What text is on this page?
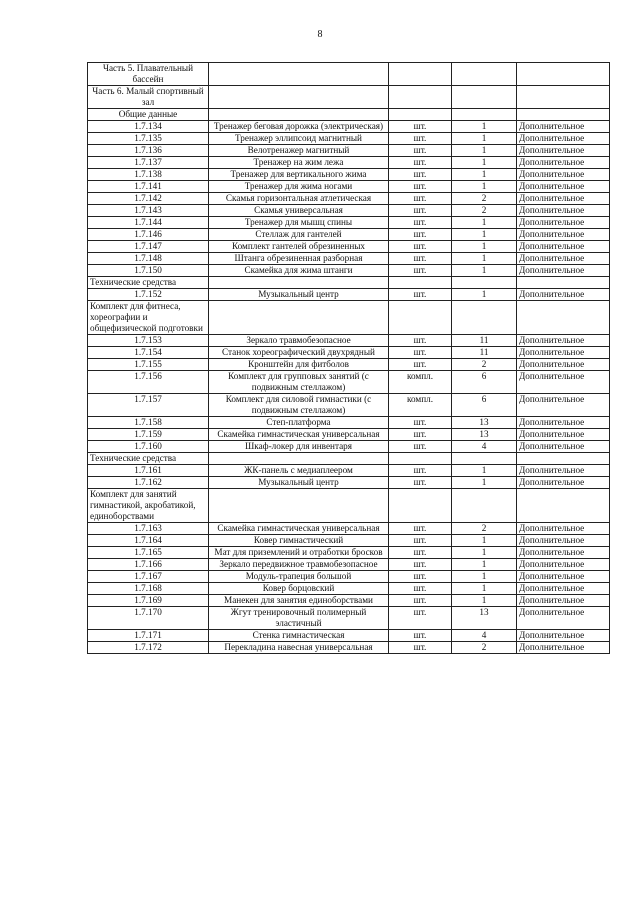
8
Часть 5. Плавательный бассейн				
Часть 6. Малый спортивный зал				
Общие данные				
1.7.134	Тренажер беговая дорожка (электрическая)	шт.	1	Дополнительное
1.7.135	Тренажер эллипсоид магнитный	шт.	1	Дополнительное
1.7.136	Велотренажер магнитный	шт.	1	Дополнительное
1.7.137	Тренажер на жим лежа	шт.	1	Дополнительное
1.7.138	Тренажер для вертикального жима	шт.	1	Дополнительное
1.7.141	Тренажер для жима ногами	шт.	1	Дополнительное
1.7.142	Скамья горизонтальная атлетическая	шт.	2	Дополнительное
1.7.143	Скамья универсальная	шт.	2	Дополнительное
1.7.144	Тренажер для мышц спины	шт.	1	Дополнительное
1.7.146	Стеллаж для гантелей	шт.	1	Дополнительное
1.7.147	Комплект гантелей обрезиненных	шт.	1	Дополнительное
1.7.148	Штанга обрезиненная разборная	шт.	1	Дополнительное
1.7.150	Скамейка для жима штанги	шт.	1	Дополнительное
Технические средства				
1.7.152	Музыкальный центр	шт.	1	Дополнительное
Комплект для фитнеса, хореографии и общефизической подготовки				
1.7.153	Зеркало травмобезопасное	шт.	11	Дополнительное
1.7.154	Станок хореографический двухрядный	шт.	11	Дополнительное
1.7.155	Кронштейн для фитболов	шт.	2	Дополнительное
1.7.156	Комплект для групповых занятий (с подвижным стеллажом)	компл.	6	Дополнительное
1.7.157	Комплект для силовой гимнастики (с подвижным стеллажом)	компл.	6	Дополнительное
1.7.158	Степ-платформа	шт.	13	Дополнительное
1.7.159	Скамейка гимнастическая универсальная	шт.	13	Дополнительное
1.7.160	Шкаф-локер для инвентаря	шт.	4	Дополнительное
Технические средства				
1.7.161	ЖК-панель с медиаплеером	шт.	1	Дополнительное
1.7.162	Музыкальный центр	шт.	1	Дополнительное
Комплект для занятий гимнастикой, акробатикой, единоборствами				
1.7.163	Скамейка гимнастическая универсальная	шт.	2	Дополнительное
1.7.164	Ковер гимнастический	шт.	1	Дополнительное
1.7.165	Мат для приземлений и отработки бросков	шт.	1	Дополнительное
1.7.166	Зеркало передвижное травмобезопасное	шт.	1	Дополнительное
1.7.167	Модуль-трапеция большой	шт.	1	Дополнительное
1.7.168	Ковер борцовский	шт.	1	Дополнительное
1.7.169	Манекен для занятия единоборствами	шт.	1	Дополнительное
1.7.170	Жгут тренировочный полимерный эластичный	шт.	13	Дополнительное
1.7.171	Стенка гимнастическая	шт.	4	Дополнительное
1.7.172	Перекладина навесная универсальная	шт.	2	Дополнительное
